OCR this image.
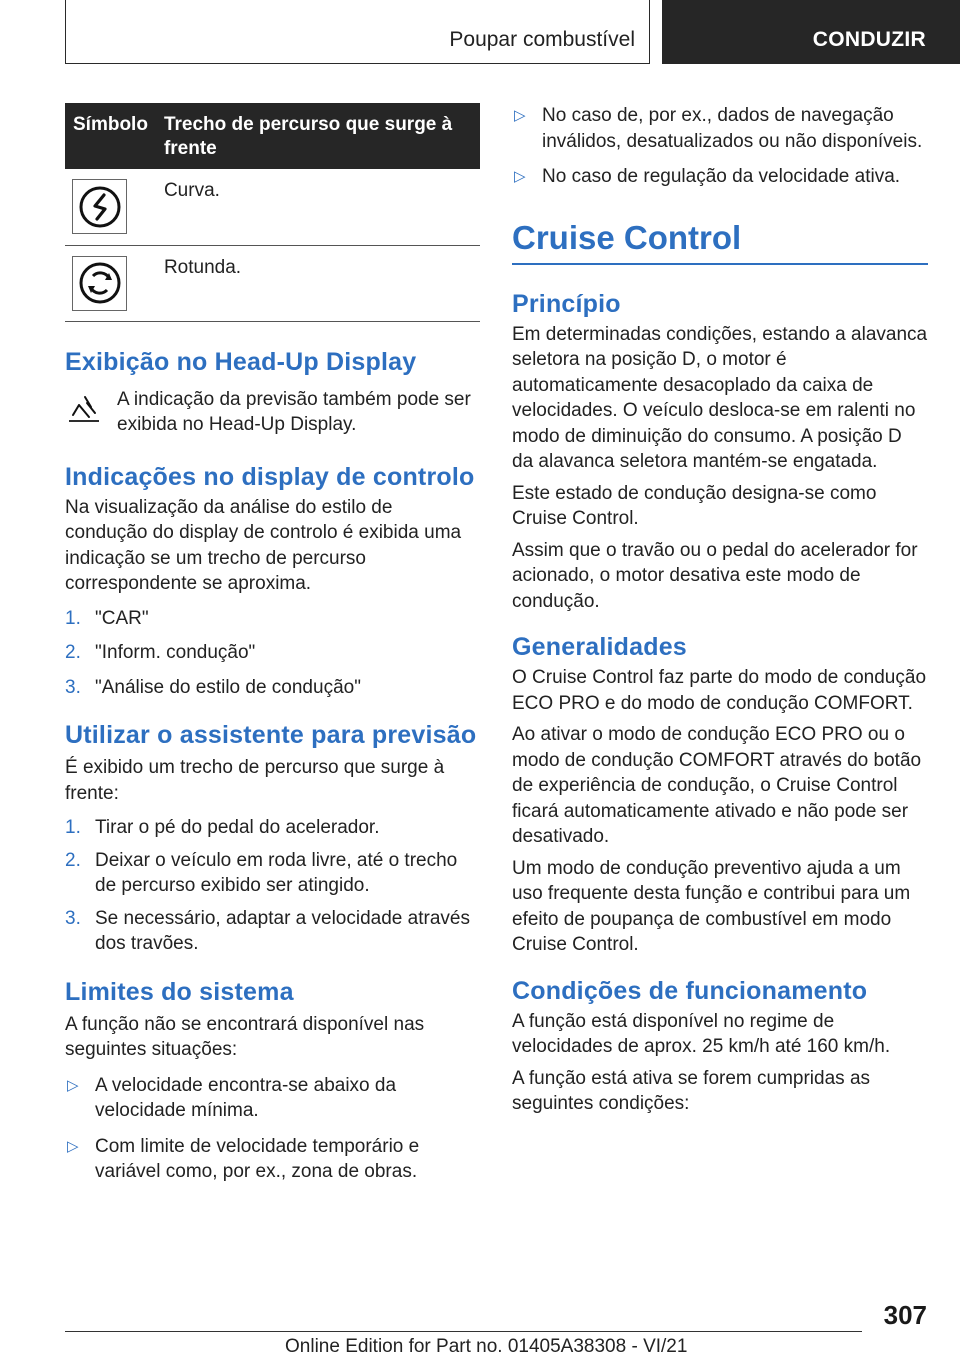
Poupar combustível	CONDUZIR
Símbolo	Trecho de percurso que surge à frente

	Curva.

	Rotunda.
Exibição no Head-Up Display
A indicação da previsão também pode ser exibida no Head-Up Display.
Indicações no display de controlo

Na visualização da análise do estilo de condução do display de controlo é exibida uma indicação se um trecho de percurso correspondente se aproxima.

1. "CAR"
2. "Inform. condução"
3. "Análise do estilo de condução"
Utilizar o assistente para previsão

É exibido um trecho de percurso que surge à frente:

1. Tirar o pé do pedal do acelerador.
2. Deixar o veículo em roda livre, até o trecho de percurso exibido ser atingido.
3. Se necessário, adaptar a velocidade através dos travões.
Limites do sistema

A função não se encontrará disponível nas seguintes situações:

▷ A velocidade encontra-se abaixo da velocidade mínima.
▷ Com limite de velocidade temporário e variável como, por ex., zona de obras.
▷ No caso de, por ex., dados de navegação inválidos, desatualizados ou não disponíveis.
▷ No caso de regulação da velocidade ativa.
Cruise Control
Princípio

Em determinadas condições, estando a alavanca seletora na posição D, o motor é automaticamente desacoplado da caixa de velocidades. O veículo desloca-se em ralenti no modo de diminuição do consumo. A posição D da alavanca seletora mantém-se engatada.

Este estado de condução designa-se como Cruise Control.

Assim que o travão ou o pedal do acelerador for acionado, o motor desativa este modo de condução.

Generalidades

O Cruise Control faz parte do modo de condução ECO PRO e do modo de condução COMFORT.

Ao ativar o modo de condução ECO PRO ou o modo de condução COMFORT através do botão de experiência de condução, o Cruise Control ficará automaticamente ativado e não pode ser desativado.

Um modo de condução preventivo ajuda a um uso frequente desta função e contribui para um efeito de poupança de combustível em modo Cruise Control.

Condições de funcionamento

A função está disponível no regime de velocidades de aprox. 25 km/h até 160 km/h.

A função está ativa se forem cumpridas as seguintes condições:

307
Online Edition for Part no. 01405A38308 - VI/21
